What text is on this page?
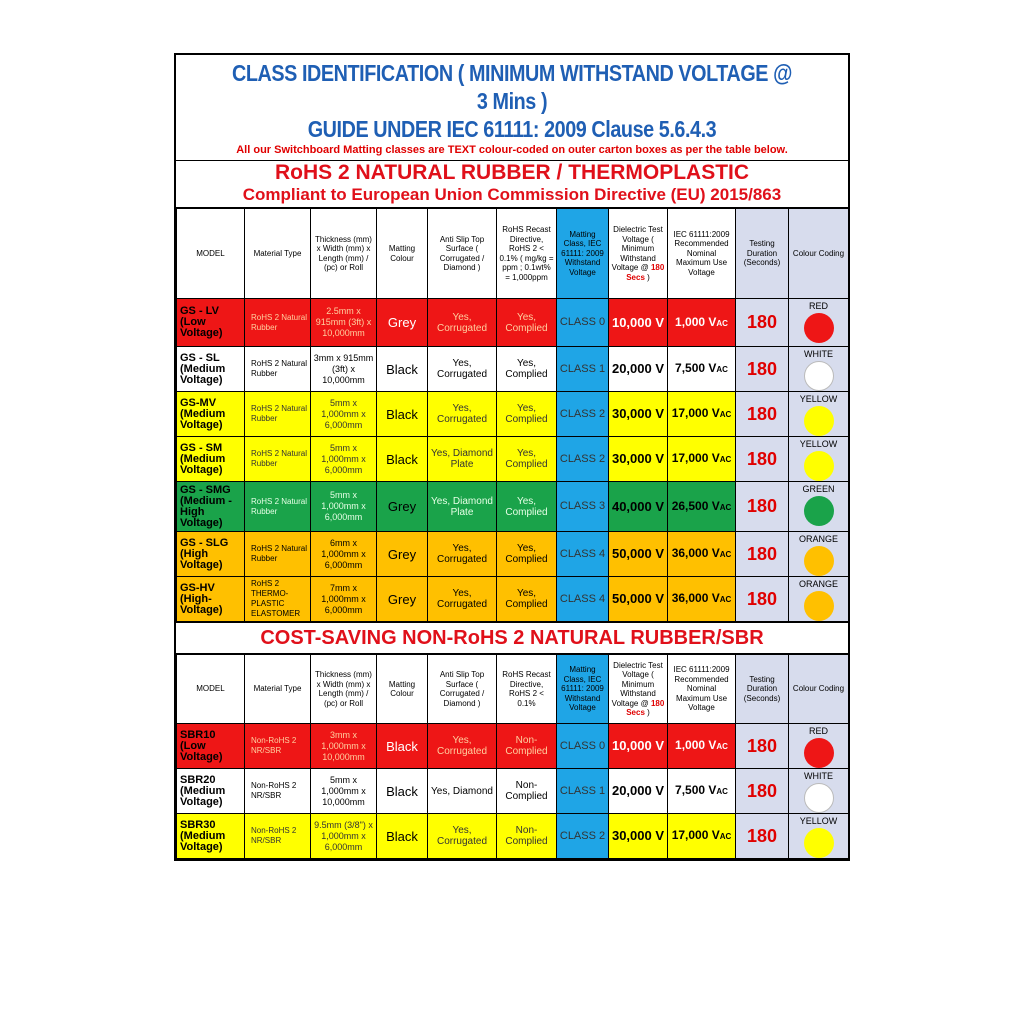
CLASS IDENTIFICATION ( MINIMUM WITHSTAND VOLTAGE @ 3 Mins )
GUIDE UNDER IEC 61111: 2009 Clause 5.6.4.3
All our Switchboard Matting classes are TEXT colour-coded on outer carton boxes as per the table below.
RoHS 2 NATURAL RUBBER / THERMOPLASTIC
Compliant to European Union Commission Directive (EU) 2015/863
MODEL	Material Type	Thickness (mm) x Width (mm) x Length (mm) / (pc) or Roll	Matting Colour	Anti Slip Top Surface ( Corrugated / Diamond )	RoHS Recast Directive, RoHS 2 < 0.1% ( mg/kg = ppm ; 0.1wt% = 1,000ppm	Matting Class, IEC 61111: 2009 Withstand Voltage	Dielectric Test Voltage ( Minimum Withstand Voltage @ 180 Secs )	IEC 61111:2009 Recommended Nominal Maximum Use Voltage	Testing Duration (Seconds)	Colour Coding
GS - LV (Low Voltage)	RoHS 2 Natural Rubber	2.5mm x 915mm (3ft) x 10,000mm	Grey	Yes, Corrugated	Yes, Complied	CLASS 0	10,000 V	1,000 VAC	180	RED

GS - SL (Medium Voltage)	RoHS 2 Natural Rubber	3mm x 915mm (3ft) x 10,000mm	Black	Yes, Corrugated	Yes, Complied	CLASS 1	20,000 V	7,500 VAC	180	WHITE

GS-MV (Medium Voltage)	RoHS 2 Natural Rubber	5mm x 1,000mm x 6,000mm	Black	Yes, Corrugated	Yes, Complied	CLASS 2	30,000 V	17,000 VAC	180	YELLOW

GS - SM (Medium Voltage)	RoHS 2 Natural Rubber	5mm x 1,000mm x 6,000mm	Black	Yes, Diamond Plate	Yes, Complied	CLASS 2	30,000 V	17,000 VAC	180	YELLOW

GS - SMG (Medium -High Voltage)	RoHS 2 Natural Rubber	5mm x 1,000mm x 6,000mm	Grey	Yes, Diamond Plate	Yes, Complied	CLASS 3	40,000 V	26,500 VAC	180	GREEN

GS - SLG (High Voltage)	RoHS 2 Natural Rubber	6mm x 1,000mm x 6,000mm	Grey	Yes, Corrugated	Yes, Complied	CLASS 4	50,000 V	36,000 VAC	180	ORANGE

GS-HV (High- Voltage)	RoHS 2 THERMO- PLASTIC ELASTOMER	7mm x 1,000mm x 6,000mm	Grey	Yes, Corrugated	Yes, Complied	CLASS 4	50,000 V	36,000 VAC	180	ORANGE
COST-SAVING NON-RoHS 2 NATURAL RUBBER/SBR
MODEL	Material Type	Thickness (mm) x Width (mm) x Length (mm) / (pc) or Roll	Matting Colour	Anti Slip Top Surface ( Corrugated / Diamond )	RoHS Recast Directive, RoHS 2 < 0.1%	Matting Class, IEC 61111: 2009 Withstand Voltage	Dielectric Test Voltage ( Minimum Withstand Voltage @ 180 Secs )	IEC 61111:2009 Recommended Nominal Maximum Use Voltage	Testing Duration (Seconds)	Colour Coding
SBR10 (Low Voltage)	Non-RoHS 2 NR/SBR	3mm x 1,000mm x 10,000mm	Black	Yes, Corrugated	Non- Complied	CLASS 0	10,000 V	1,000 VAC	180	RED

SBR20 (Medium Voltage)	Non-RoHS 2 NR/SBR	5mm x 1,000mm x 10,000mm	Black	Yes, Diamond	Non- Complied	CLASS 1	20,000 V	7,500 VAC	180	WHITE

SBR30 (Medium Voltage)	Non-RoHS 2 NR/SBR	9.5mm (3/8") x 1,000mm x 6,000mm	Black	Yes, Corrugated	Non- Complied	CLASS 2	30,000 V	17,000 VAC	180	YELLOW
